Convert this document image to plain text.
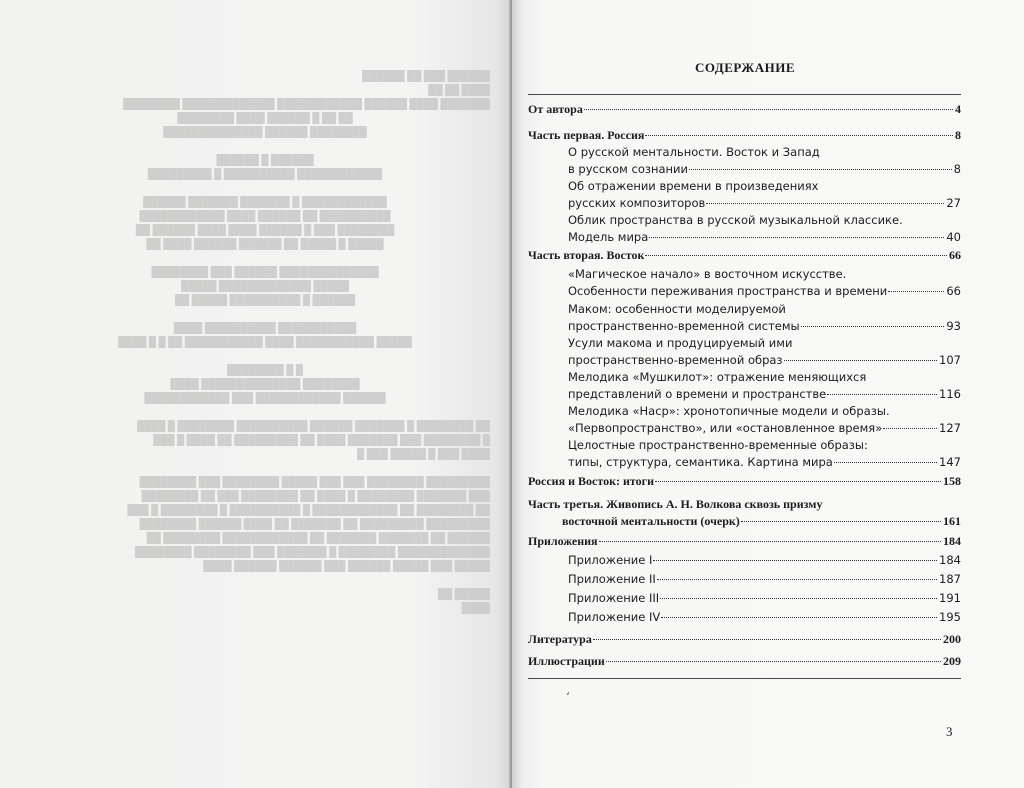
██████ ███ ██ ██████
████ ██ ██
███████ ████ ██████ ████████████ █████████████ ████████
██ ██ █ ██████ ████ ████████
████████ ██████ ██████████████

██████ █ ██████
████████████ ██████████ █ █████████

████████████ █ ███████ ███████ ██████
██████████ ██ ██████ ████ ████████████
████████ ███ █ ██████ ████ ████ ██████ ██
█████ █ █████ ██ ██████ ██████ ████ ██

██████████████ ██████ ███ ████████
█████ █████████████ █████
██████ █ ██████████ █████ ██

███████████ ██████████ ████
█████ ███████████ ████ ███████████ ██ █ █ ████

█ █ ████████
████████ ██████████████ ████
██████ ████████████ ███ ████████████

██ ████████ █ ███████ ██████ ██████████ ████████ █ ████
█ ████████ ███ ███████ ████ ██ █████████ ██ ████ █ ███
████ ███ █ █████ ███ █

█████████ ████████ ███ ███ █████ ████████ ███ ████████
███ ███████ ████████ █ ████ ██ ████████ ███ ██ ████████
██ ████████ ██ ████████████ █ ██████████ █ ████████ █ ███
█████████ █████████ ██ ███████ ██ ████ ██████ ████████
██████ ██ ███████ ███████ ██ ████████████ ████████ ██
█████████████ ████████ █ ███████ ███ ████████ ████████
█████ ███ █████ ██████ ███ ██████ ██████ ████

█████ ██
████
СОДЕРЖАНИЕ
От автора	4
Часть первая. Россия	8
О русской ментальности. Восток и Запад
в русском сознании	8
Об отражении времени в произведениях
русских композиторов	27
Облик пространства в русской музыкальной классике.
Модель мира	40
Часть вторая. Восток	66
«Магическое начало» в восточном искусстве.
Особенности переживания пространства и времени	66
Маком: особенности моделируемой
пространственно-временной системы	93
Усули макома и продуцируемый ими
пространственно-временной образ	107
Мелодика «Мушкилот»: отражение меняющихся
представлений о времени и пространстве	116
Мелодика «Наср»: хронотопичные модели и образы.
«Первопространство», или «остановленное время»	127
Целостные пространственно-временные образы:
типы, структура, семантика. Картина мира	147
Россия и Восток: итоги	158
Часть третья. Живопись А. Н. Волкова сквозь призму
восточной ментальности (очерк)	161
Приложения	184
Приложение I	184
Приложение II	187
Приложение III	191
Приложение IV	195
Литература	200
Иллюстрации	209
ʻ
3
